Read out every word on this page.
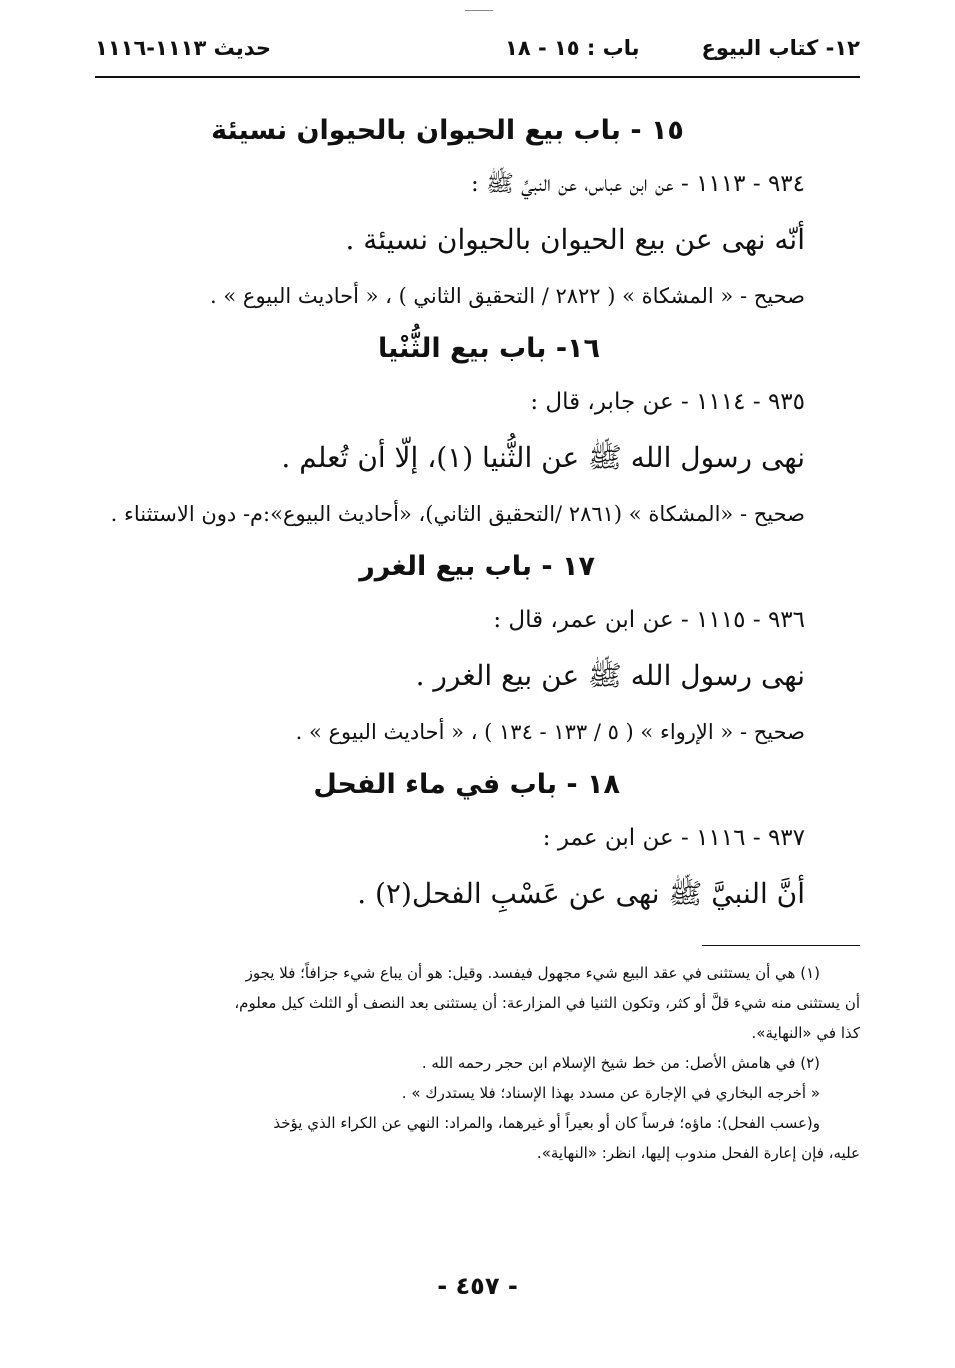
١٢- كتاب البيوع
باب : ١٥ - ١٨
حديث ١١١٣-١١١٦
١٥ - باب بيع الحيوان بالحيوان نسيئة
٩٣٤ - ١١١٣ - عن ابن عباس، عن النبيِّ ﷺ :
أنّه نهى عن بيع الحيوان بالحيوان نسيئة .
صحيح - « المشكاة » ( ٢٨٢٢ / التحقيق الثاني ) ، « أحاديث البيوع » .
١٦- باب بيع الثُّنْيا
٩٣٥ - ١١١٤ - عن جابر، قال :
نهى رسول الله ﷺ عن الثُّنيا (١)، إلّا أن تُعلم .
صحيح - «المشكاة » (٢٨٦١ /التحقيق الثاني)، «أحاديث البيوع»:م- دون الاستثناء .
١٧ - باب بيع الغرر
٩٣٦ - ١١١٥ - عن ابن عمر، قال :
نهى رسول الله ﷺ عن بيع الغرر .
صحيح - « الإرواء » ( ٥ / ١٣٣ - ١٣٤ ) ، « أحاديث البيوع » .
١٨ - باب في ماء الفحل
٩٣٧ - ١١١٦ - عن ابن عمر :
أنَّ النبيَّ ﷺ نهى عن عَسْبِ الفحل(٢) .
(١) هي أن يستثنى في عقد البيع شيء مجهول فيفسد. وقيل: هو أن يباع شيء جزافاً؛ فلا يجوز
أن يستثنى منه شيء قلَّ أو كثر، وتكون الثنيا في المزارعة: أن يستثنى بعد النصف أو الثلث كيل معلوم،
كذا في «النهاية».
(٢) في هامش الأصل: من خط شيخ الإسلام ابن حجر رحمه الله .
« أخرجه البخاري في الإجارة عن مسدد بهذا الإسناد؛ فلا يستدرك » .
و(عسب الفحل): ماؤه؛ فرساً كان أو بعيراً أو غيرهما، والمراد: النهي عن الكراء الذي يؤخذ
عليه، فإن إعارة الفحل مندوب إليها، انظر: «النهاية».
- ٤٥٧ -
